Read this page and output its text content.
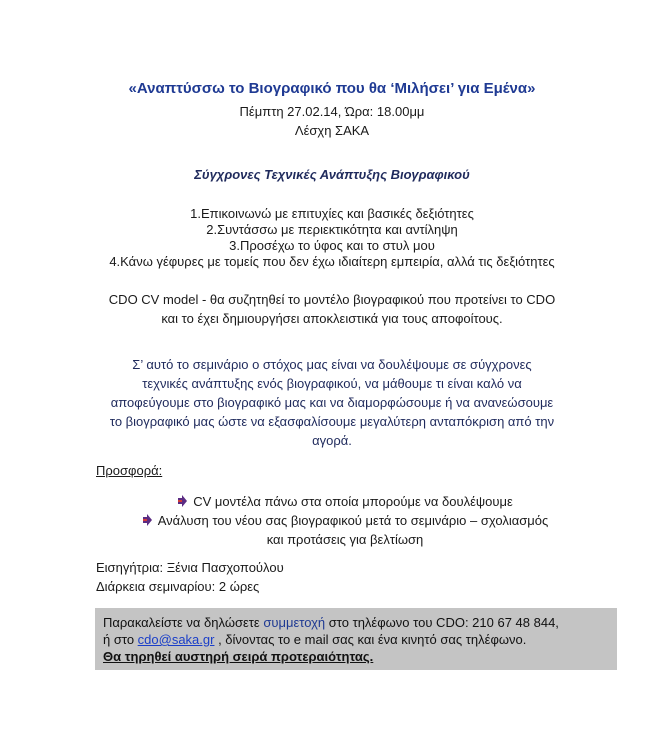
«Αναπτύσσω το Βιογραφικό που θα ‘Μιλήσει’ για Εμένα»
Πέμπτη 27.02.14, Ώρα: 18.00μμ
Λέσχη ΣΑΚΑ
Σύγχρονες Τεχνικές Ανάπτυξης Βιογραφικού
1.Επικοινωνώ με επιτυχίες και βασικές δεξιότητες
2.Συντάσσω με περιεκτικότητα και αντίληψη
3.Προσέχω το ύφος και το στυλ μου
4.Κάνω γέφυρες με τομείς που δεν έχω ιδιαίτερη εμπειρία, αλλά τις δεξιότητες
CDO CV model - θα συζητηθεί το μοντέλο βιογραφικού που προτείνει το CDO
και το έχει δημιουργήσει αποκλειστικά για τους αποφοίτους.
Σ’ αυτό το σεμινάριο ο στόχος μας είναι να δουλέψουμε σε σύγχρονες
τεχνικές ανάπτυξης ενός βιογραφικού, να μάθουμε τι είναι καλό να
αποφεύγουμε στο βιογραφικό μας και να διαμορφώσουμε ή να ανανεώσουμε
το βιογραφικό μας ώστε να εξασφαλίσουμε μεγαλύτερη ανταπόκριση από την
αγορά.
Προσφορά:
CV μοντέλα πάνω στα οποία μπορούμε να δουλέψουμε
Ανάλυση του νέου σας βιογραφικού μετά το σεμινάριο – σχολιασμός
και προτάσεις για βελτίωση
Εισηγήτρια: Ξένια Πασχοπούλου
Διάρκεια σεμιναρίου: 2 ώρες
Παρακαλείστε να δηλώσετε συμμετοχή στο τηλέφωνο του CDO: 210 67 48 844,
ή στο cdo@saka.gr , δίνοντας το e mail σας και ένα κινητό σας τηλέφωνο.
Θα τηρηθεί αυστηρή σειρά προτεραιότητας.
